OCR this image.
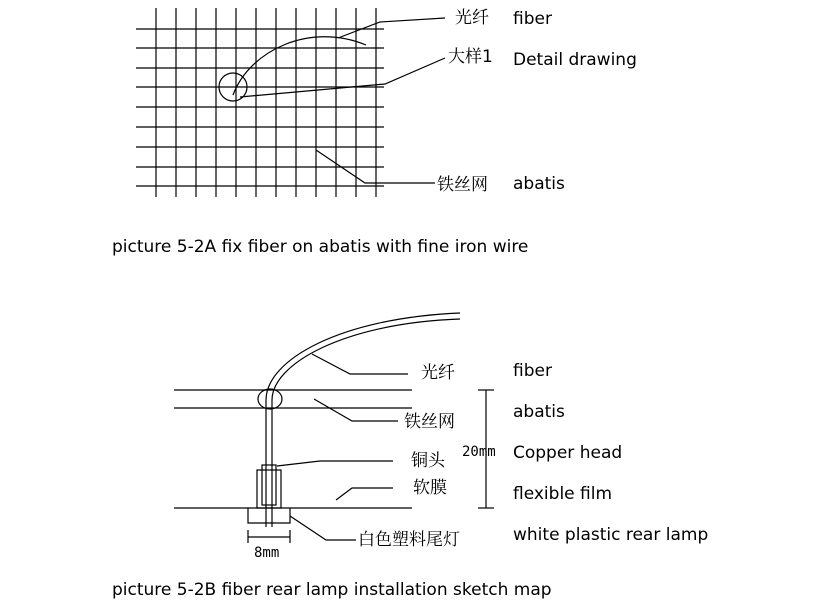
光纤
大样1
铁丝网
fiber
Detail drawing
abatis
picture 5-2A fix fiber on abatis with fine iron wire
光纤
铁丝网
铜头
软膜
白色塑料尾灯
20mm
8mm
fiber
abatis
Copper head
flexible film
white plastic rear lamp
picture 5-2B fiber rear lamp installation sketch map
